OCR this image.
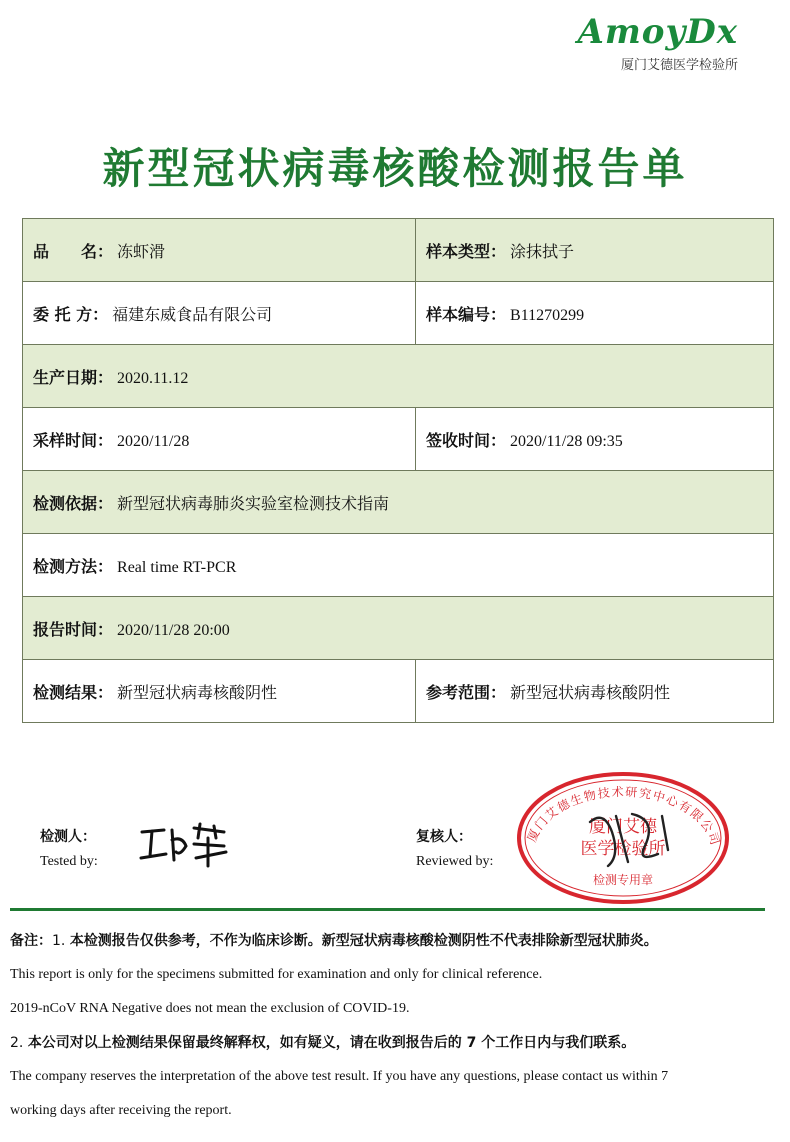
AmoyDx
厦门艾德医学检验所
新型冠状病毒核酸检测报告单
品　　名： 冻虾滑	样本类型： 涂抹拭子
委 托 方： 福建东威食品有限公司	样本编号： B11270299
生产日期： 2020.11.12	
采样时间： 2020/11/28	签收时间： 2020/11/28 09:35
检测依据： 新型冠状病毒肺炎实验室检测技术指南	
检测方法： Real time RT-PCR	
报告时间： 2020/11/28 20:00	
检测结果： 新型冠状病毒核酸阴性	参考范围： 新型冠状病毒核酸阴性
检测人：
Tested by:
复核人：
Reviewed by:
厦门艾德生物技术研究中心有限公司
厦门艾德
医学检验所
检测专用章
备注：1. 本检测报告仅供参考，不作为临床诊断。新型冠状病毒核酸检测阴性不代表排除新型冠状肺炎。
This report is only for the specimens submitted for examination and only for clinical reference.
2019-nCoV RNA Negative does not mean the exclusion of COVID-19.
2. 本公司对以上检测结果保留最终解释权，如有疑义，请在收到报告后的 7 个工作日内与我们联系。
The company reserves the interpretation of the above test result. If you have any questions, please contact us within 7
working days after receiving the report.
